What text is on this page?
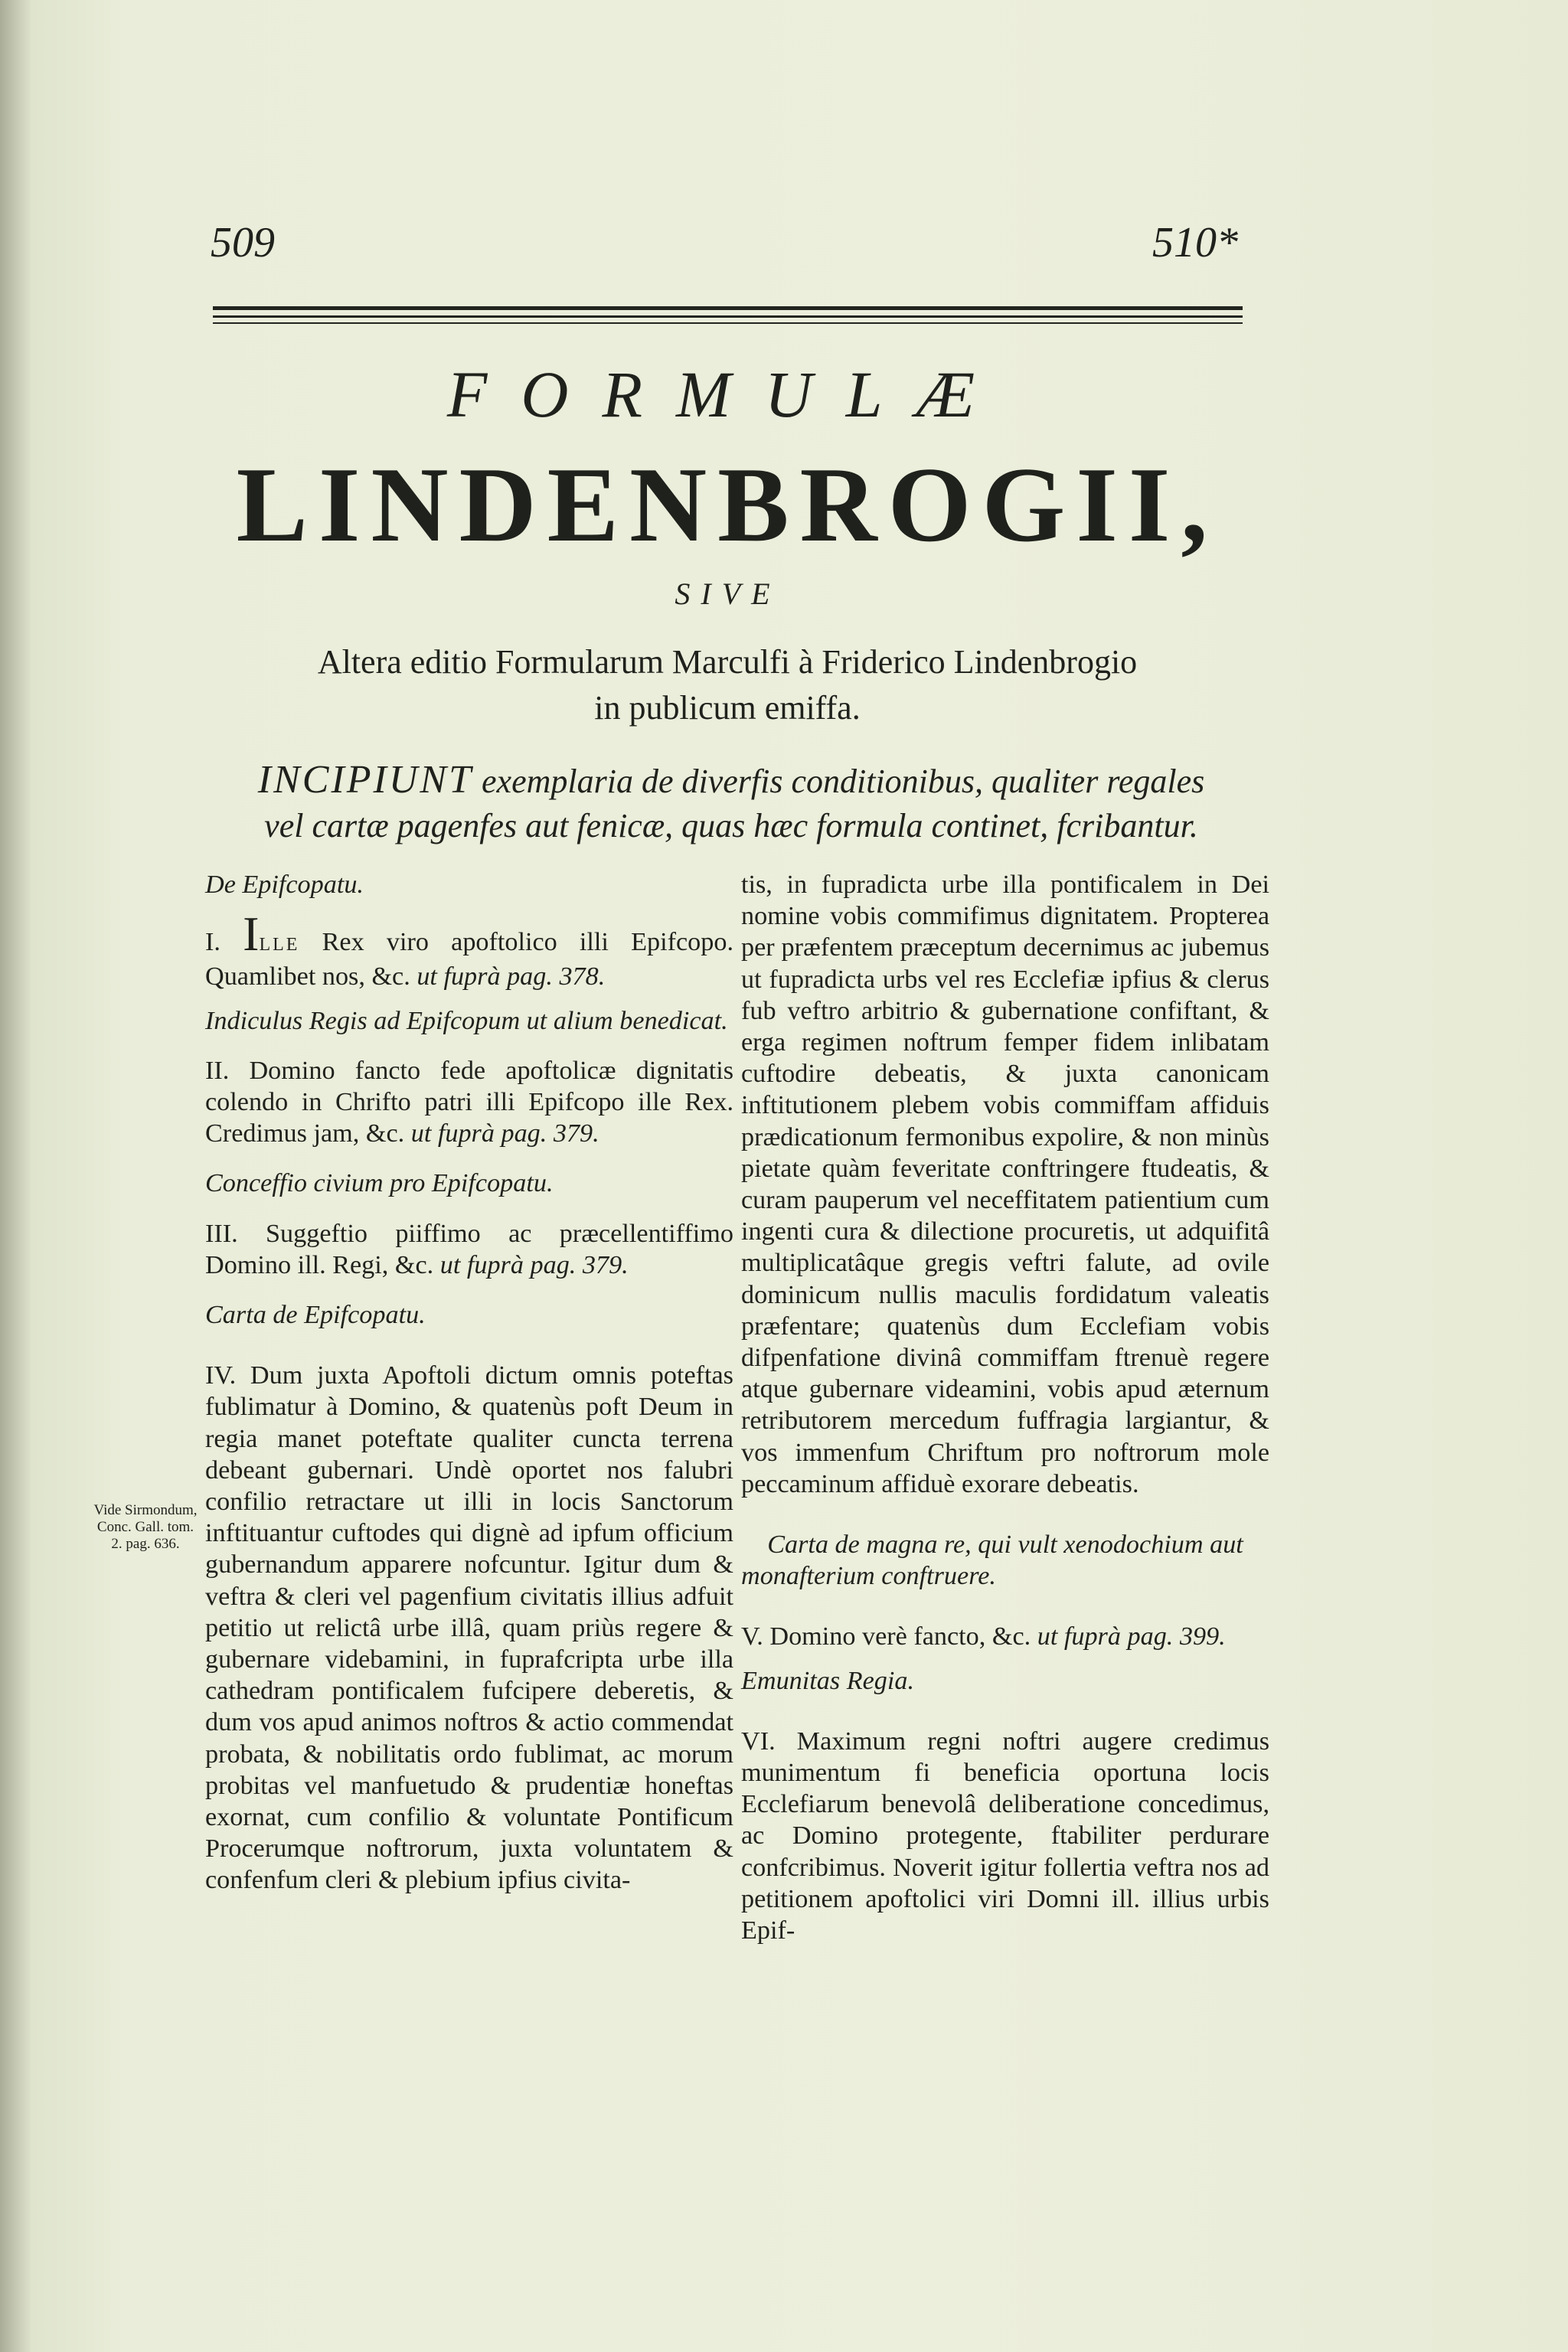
509	510*
FORMULÆ
LINDENBROGII,
SIVE
Altera editio Formularum Marculfi à Friderico Lindenbrogio
in publicum emiffa.
INCIPIUNT exemplaria de diverfis conditionibus, qualiter regales
vel cartæ pagenfes aut fenicæ, quas hæc formula continet, fcribantur.
Vide Sirmondum, Conc. Gall. tom. 2. pag. 636.

De Epifcopatu.

I. ILLE Rex viro apoftolico illi Epifcopo. Quamlibet nos, &c. ut fuprà pag. 378.

Indiculus Regis ad Epifcopum ut alium benedicat.

II. Domino fancto fede apoftolicæ dignitatis colendo in Chrifto patri illi Epifcopo ille Rex. Credimus jam, &c. ut fuprà pag. 379.

Conceffio civium pro Epifcopatu.

III. Suggeftio piiffimo ac præcellentiffimo Domino ill. Regi, &c. ut fuprà pag. 379.

Carta de Epifcopatu.

IV. Dum juxta Apoftoli dictum omnis poteftas fublimatur à Domino, & quatenùs poft Deum in regia manet poteftate qualiter cuncta terrena debeant gubernari. Undè oportet nos falubri confilio retractare ut illi in locis Sanctorum inftituantur cuftodes qui dignè ad ipfum officium gubernandum apparere nofcuntur. Igitur dum & veftra & cleri vel pagenfium civitatis illius adfuit petitio ut relictâ urbe illâ, quam priùs regere & gubernare videbamini, in fuprafcripta urbe illa cathedram pontificalem fufcipere deberetis, & dum vos apud animos noftros & actio commendat probata, & nobilitatis ordo fublimat, ac morum probitas vel manfuetudo & prudentiæ honeftas exornat, cum confilio & voluntate Pontificum Procerumque noftrorum, juxta voluntatem & confenfum cleri & plebium ipfius civita-

tis, in fupradicta urbe illa pontificalem in Dei nomine vobis commifimus dignitatem. Propterea per præfentem præceptum decernimus ac jubemus ut fupradicta urbs vel res Ecclefiæ ipfius & clerus fub veftro arbitrio & gubernatione confiftant, & erga regimen noftrum femper fidem inlibatam cuftodire debeatis, & juxta canonicam inftitutionem plebem vobis commiffam affiduis prædicationum fermonibus expolire, & non minùs pietate quàm feveritate conftringere ftudeatis, & curam pauperum vel neceffitatem patientium cum ingenti cura & dilectione procuretis, ut adquifitâ multiplicatâque gregis veftri falute, ad ovile dominicum nullis maculis fordidatum valeatis præfentare; quatenùs dum Ecclefiam vobis difpenfatione divinâ commiffam ftrenuè regere atque gubernare videamini, vobis apud æternum retributorem mercedum fuffragia largiantur, & vos immenfum Chriftum pro noftrorum mole peccaminum affiduè exorare debeatis.

Carta de magna re, qui vult xenodochium aut monafterium conftruere.

V. Domino verè fancto, &c. ut fuprà pag. 399.

Emunitas Regia.

VI. Maximum regni noftri augere credimus munimentum fi beneficia oportuna locis Ecclefiarum benevolâ deliberatione concedimus, ac Domino protegente, ftabiliter perdurare confcribimus. Noverit igitur follertia veftra nos ad petitionem apoftolici viri Domni ill. illius urbis Epif-
